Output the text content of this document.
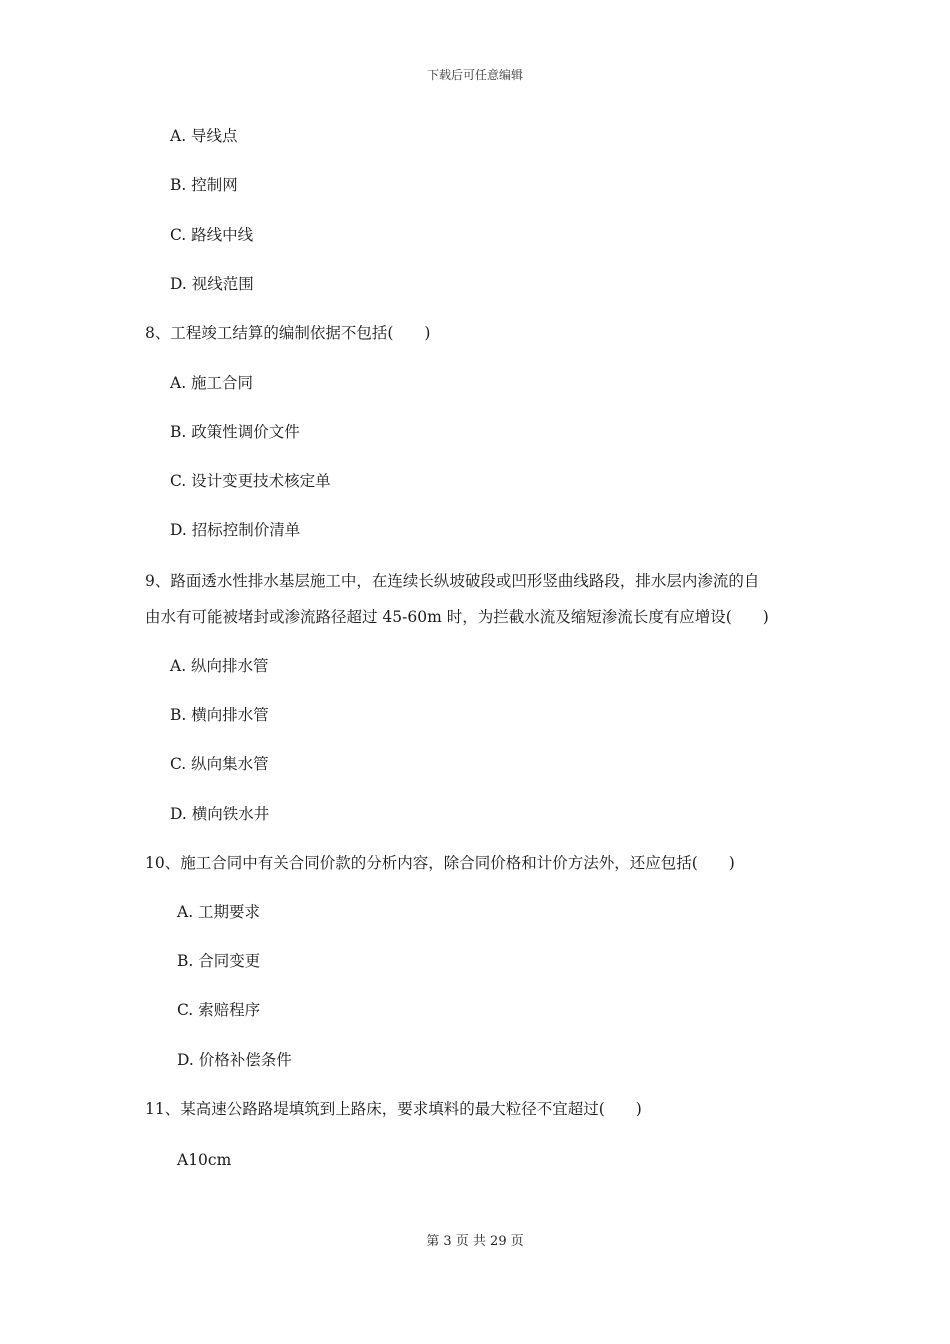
下载后可任意编辑
A. 导线点
B. 控制网
C. 路线中线
D. 视线范围
8、工程竣工结算的编制依据不包括(　　)
A. 施工合同
B. 政策性调价文件
C. 设计变更技术核定单
D. 招标控制价清单
9、路面透水性排水基层施工中，在连续长纵坡破段或凹形竖曲线路段，排水层内渗流的自
由水有可能被堵封或渗流路径超过 45-60m 时，为拦截水流及缩短渗流长度有应增设(　　)
A. 纵向排水管
B. 横向排水管
C. 纵向集水管
D. 横向铁水井
10、施工合同中有关合同价款的分析内容，除合同价格和计价方法外，还应包括(　　)
A. 工期要求
B. 合同变更
C. 索赔程序
D. 价格补偿条件
11、某高速公路路堤填筑到上路床，要求填料的最大粒径不宜超过(　　)
A10cm
第 3 页 共 29 页
